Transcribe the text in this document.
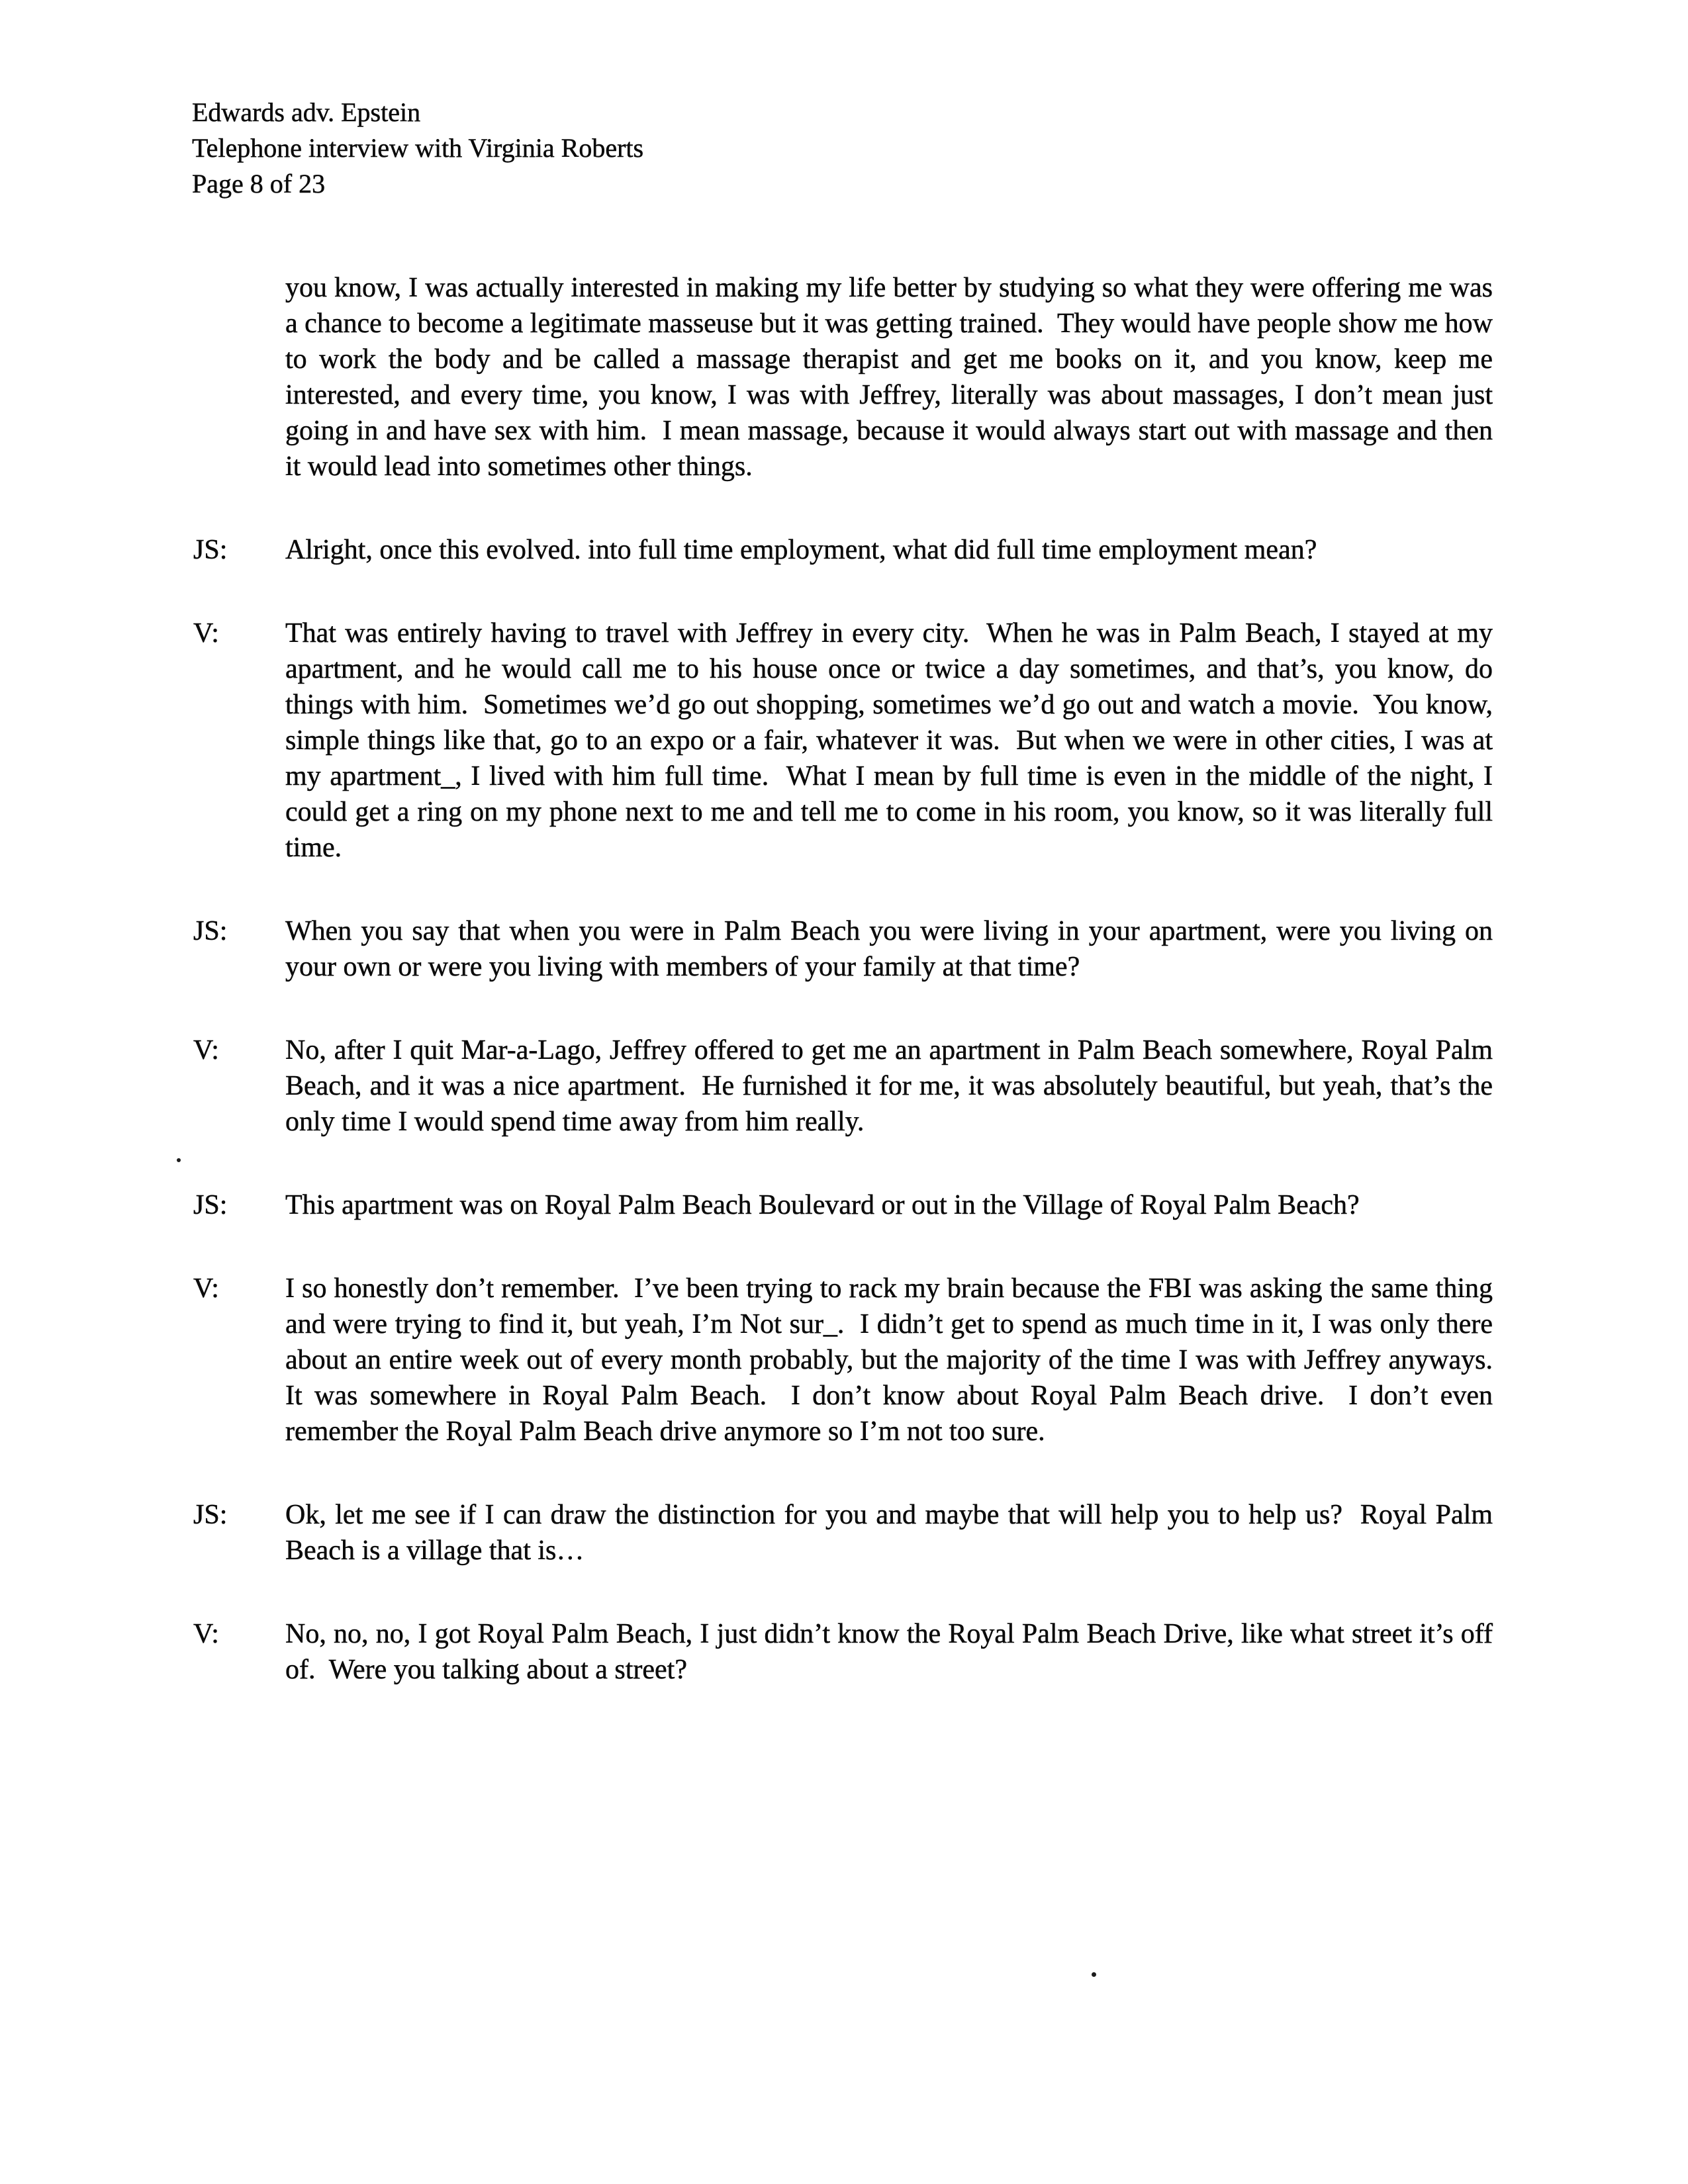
Edwards adv. Epstein
Telephone interview with Virginia Roberts
Page 8 of 23
you know, I was actually interested in making my life better by studying so what they were offering me was a chance to become a legitimate masseuse but it was getting trained.  They would have people show me how to work the body and be called a massage therapist and get me books on it, and you know, keep me interested, and every time, you know, I was with Jeffrey, literally was about massages, I don’t mean just going in and have sex with him.  I mean massage, because it would always start out with massage and then it would lead into sometimes other things.
JS:	Alright, once this evolved. into full time employment, what did full time employment mean?
V:	That was entirely having to travel with Jeffrey in every city.  When he was in Palm Beach, I stayed at my apartment, and he would call me to his house once or twice a day sometimes, and that’s, you know, do things with him.  Sometimes we’d go out shopping, sometimes we’d go out and watch a movie.  You know, simple things like that, go to an expo or a fair, whatever it was.  But when we were in other cities, I was at my apartment_, I lived with him full time.  What I mean by full time is even in the middle of the night, I could get a ring on my phone next to me and tell me to come in his room, you know, so it was literally full time.
JS:	When you say that when you were in Palm Beach you were living in your apartment, were you living on your own or were you living with members of your family at that time?
V:	No, after I quit Mar-a-Lago, Jeffrey offered to get me an apartment in Palm Beach somewhere, Royal Palm Beach, and it was a nice apartment.  He furnished it for me, it was absolutely beautiful, but yeah, that’s the only time I would spend time away from him really.
JS:	This apartment was on Royal Palm Beach Boulevard or out in the Village of Royal Palm Beach?
V:	I so honestly don’t remember.  I’ve been trying to rack my brain because the FBI was asking the same thing and were trying to find it, but yeah, I’m Not sur_.  I didn’t get to spend as much time in it, I was only there about an entire week out of every month probably, but the majority of the time I was with Jeffrey anyways.  It was somewhere in Royal Palm Beach.  I don’t know about Royal Palm Beach drive.  I don’t even remember the Royal Palm Beach drive anymore so I’m not too sure.
JS:	Ok, let me see if I can draw the distinction for you and maybe that will help you to help us?  Royal Palm Beach is a village that is…
V:	No, no, no, I got Royal Palm Beach, I just didn’t know the Royal Palm Beach Drive, like what street it’s off of.  Were you talking about a street?
